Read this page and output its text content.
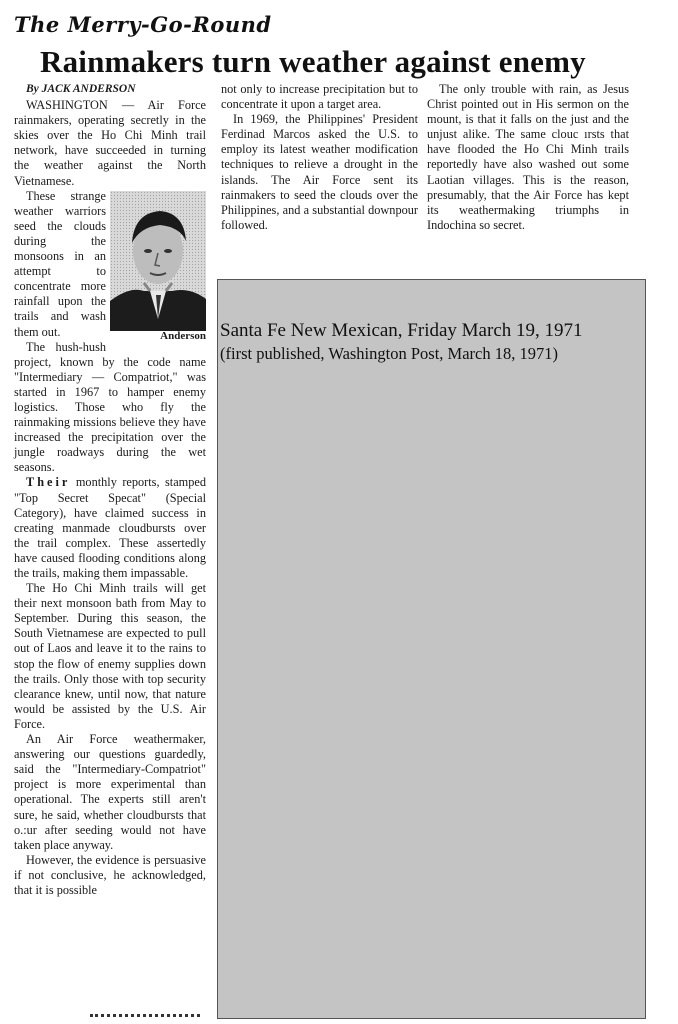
The Merry-Go-Round
Rainmakers turn weather against enemy
By JACK ANDERSON

WASHINGTON — Air Force rainmakers, operating secretly in the skies over the Ho Chi Minh trail network, have succeeded in turning the weather against the North Vietnamese.

Anderson

These strange weather warriors seed the clouds during the monsoons in an attempt to concentrate more rainfall upon the trails and wash them out.

The hush-hush project, known by the code name "Intermediary — Compatriot," was started in 1967 to hamper enemy logistics. Those who fly the rainmaking missions believe they have increased the precipitation over the jungle roadways during the wet seasons.

Their monthly reports, stamped "Top Secret Specat" (Special Category), have claimed success in creating manmade cloudbursts over the trail complex. These assertedly have caused flooding conditions along the trails, making them impassable.

The Ho Chi Minh trails will get their next monsoon bath from May to September. During this season, the South Vietnamese are expected to pull out of Laos and leave it to the rains to stop the flow of enemy supplies down the trails. Only those with top security clearance knew, until now, that nature would be assisted by the U.S. Air Force.

An Air Force weathermaker, answering our questions guardedly, said the "Intermediary-Compatriot" project is more experimental than operational. The experts still aren't sure, he said, whether cloudbursts that o.:ur after seeding would not have taken place anyway.

However, the evidence is persuasive if not conclusive, he acknowledged, that it is possible

not only to increase precipitation but to concentrate it upon a target area.

In 1969, the Philippines' President Ferdinad Marcos asked the U.S. to employ its latest weather modification techniques to relieve a drought in the islands. The Air Force sent its rainmakers to seed the clouds over the Philippines, and a substantial downpour followed.

The only trouble with rain, as Jesus Christ pointed out in His sermon on the mount, is that it falls on the just and the unjust alike. The same clouc ırsts that have flooded the Ho Chi Minh trails reportedly have also washed out some Laotian villages. This is the reason, presumably, that the Air Force has kept its weathermaking triumphs in Indochina so secret.

Santa Fe New Mexican, Friday March 19, 1971
(first published, Washington Post, March 18, 1971)
